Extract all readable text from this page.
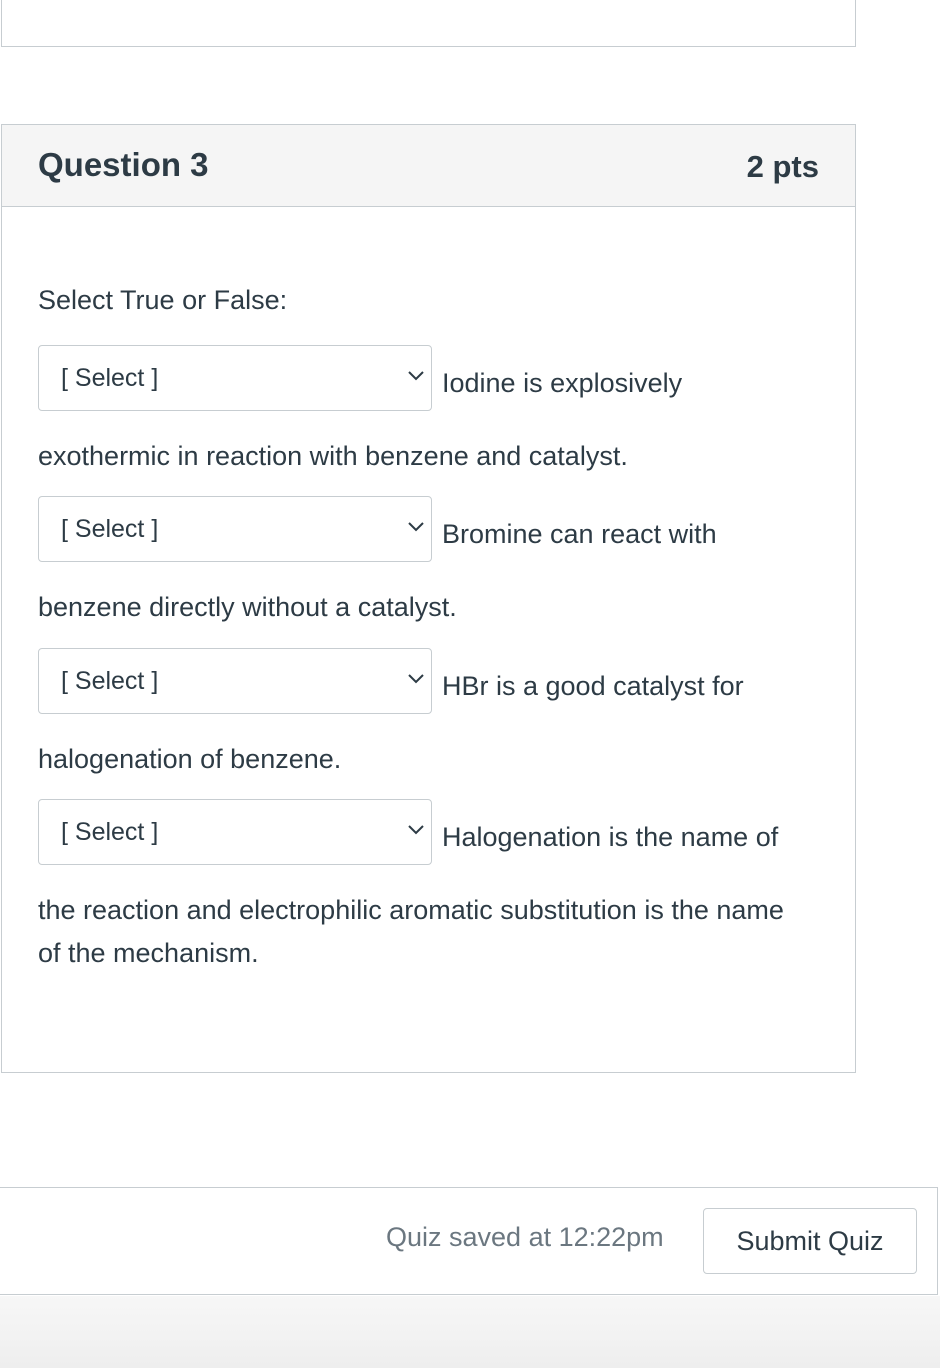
Question 3	2 pts
Select True or False:
[ Select ]	Iodine is explosively
exothermic in reaction with benzene and catalyst.
[ Select ]	Bromine can react with
benzene directly without a catalyst.
[ Select ]	HBr is a good catalyst for
halogenation of benzene.
[ Select ]	Halogenation is the name of
the reaction and electrophilic aromatic substitution is the name of the mechanism.
Quiz saved at 12:22pm	Submit Quiz
